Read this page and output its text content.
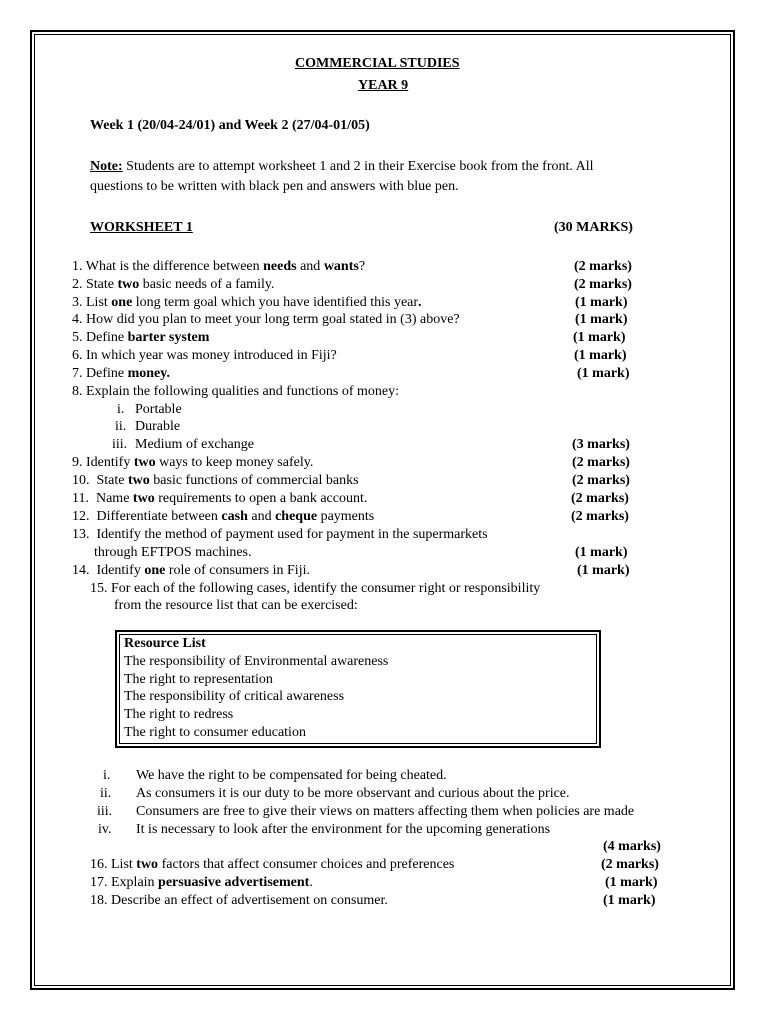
COMMERCIAL STUDIES
YEAR 9
Week 1 (20/04-24/01) and Week 2 (27/04-01/05)
Note: Students are to attempt worksheet 1 and 2 in their Exercise book from the front. All
questions to be written with black pen and answers with blue pen.
WORKSHEET 1	(30 MARKS)
1. What is the difference between needs and wants?	(2 marks)
2. State two basic needs of a family.	(2 marks)
3. List one long term goal which you have identified this year.	(1 mark)
4. How did you plan to meet your long term goal stated in (3) above?	(1 mark)
5. Define barter system	(1 mark)
6. In which year was money introduced in Fiji?	(1 mark)
7. Define money.	(1 mark)
8. Explain the following qualities and functions of money:
i. Portable
ii. Durable
iii. Medium of exchange	(3 marks)
9. Identify two ways to keep money safely.	(2 marks)
10.  State two basic functions of commercial banks	(2 marks)
11.  Name two requirements to open a bank account.	(2 marks)
12.  Differentiate between cash and cheque payments	(2 marks)
13.  Identify the method of payment used for payment in the supermarkets
through EFTPOS machines.	(1 mark)
14.  Identify one role of consumers in Fiji.	(1 mark)
15. For each of the following cases, identify the consumer right or responsibility
from the resource list that can be exercised:
Resource List
The responsibility of Environmental awareness
The right to representation
The responsibility of critical awareness
The right to redress
The right to consumer education
i. We have the right to be compensated for being cheated.
ii. As consumers it is our duty to be more observant and curious about the price.
iii. Consumers are free to give their views on matters affecting them when policies are made
iv. It is necessary to look after the environment for the upcoming generations
(4 marks)
16. List two factors that affect consumer choices and preferences	(2 marks)
17. Explain persuasive advertisement.	(1 mark)
18. Describe an effect of advertisement on consumer.	(1 mark)
